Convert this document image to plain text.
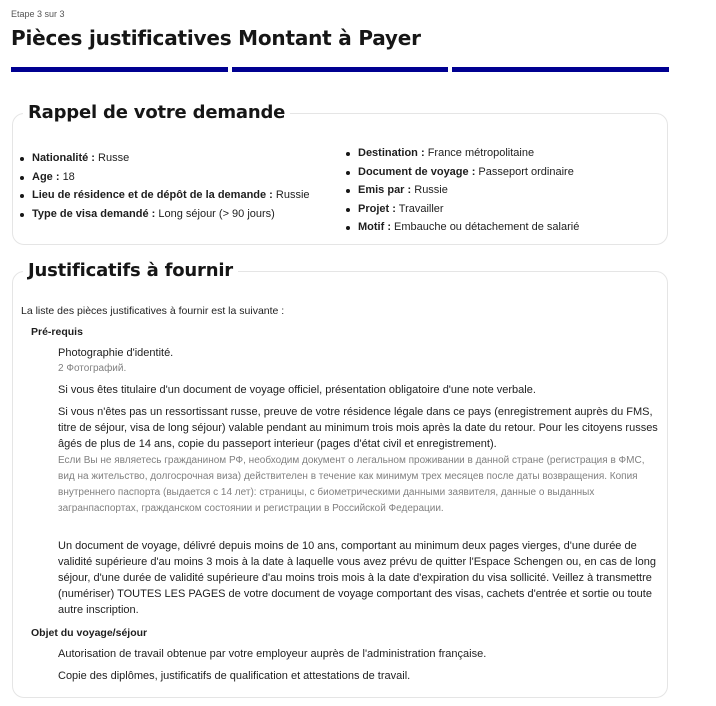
Etape 3 sur 3
Pièces justificatives Montant à Payer
Rappel de votre demande
Nationalité : Russe
Age : 18
Lieu de résidence et de dépôt de la demande : Russie
Type de visa demandé : Long séjour (> 90 jours)
Destination : France métropolitaine
Document de voyage : Passeport ordinaire
Emis par : Russie
Projet : Travailler
Motif : Embauche ou détachement de salarié
Justificatifs à fournir
La liste des pièces justificatives à fournir est la suivante :
Pré-requis
Photographie d'identité.
2 Фотографий.
Si vous êtes titulaire d'un document de voyage officiel, présentation obligatoire d'une note verbale.
Si vous n'êtes pas un ressortissant russe, preuve de votre résidence légale dans ce pays (enregistrement auprès du FMS, titre de séjour, visa de long séjour) valable pendant au minimum trois mois après la date du retour. Pour les citoyens russes âgés de plus de 14 ans, copie du passeport interieur (pages d'état civil et enregistrement).
Если Вы не являетесь гражданином РФ, необходим документ о легальном проживании в данной стране (регистрация в ФМС, вид на жительство, долгосрочная виза) действителен в течение как минимум трех месяцев после даты возвращения. Копия внутреннего паспорта (выдается с 14 лет): страницы, с биометрическими данными заявителя, данные о выданных загранпаспортах, гражданском состоянии и регистрации в Российской Федерации.
Un document de voyage, délivré depuis moins de 10 ans, comportant au minimum deux pages vierges, d'une durée de validité supérieure d'au moins 3 mois à la date à laquelle vous avez prévu de quitter l'Espace Schengen ou, en cas de long séjour, d'une durée de validité supérieure d'au moins trois mois à la date d'expiration du visa sollicité. Veillez à transmettre (numériser) TOUTES LES PAGES de votre document de voyage comportant des visas, cachets d'entrée et sortie ou toute autre inscription.
Objet du voyage/séjour
Autorisation de travail obtenue par votre employeur auprès de l'administration française.
Copie des diplômes, justificatifs de qualification et attestations de travail.
